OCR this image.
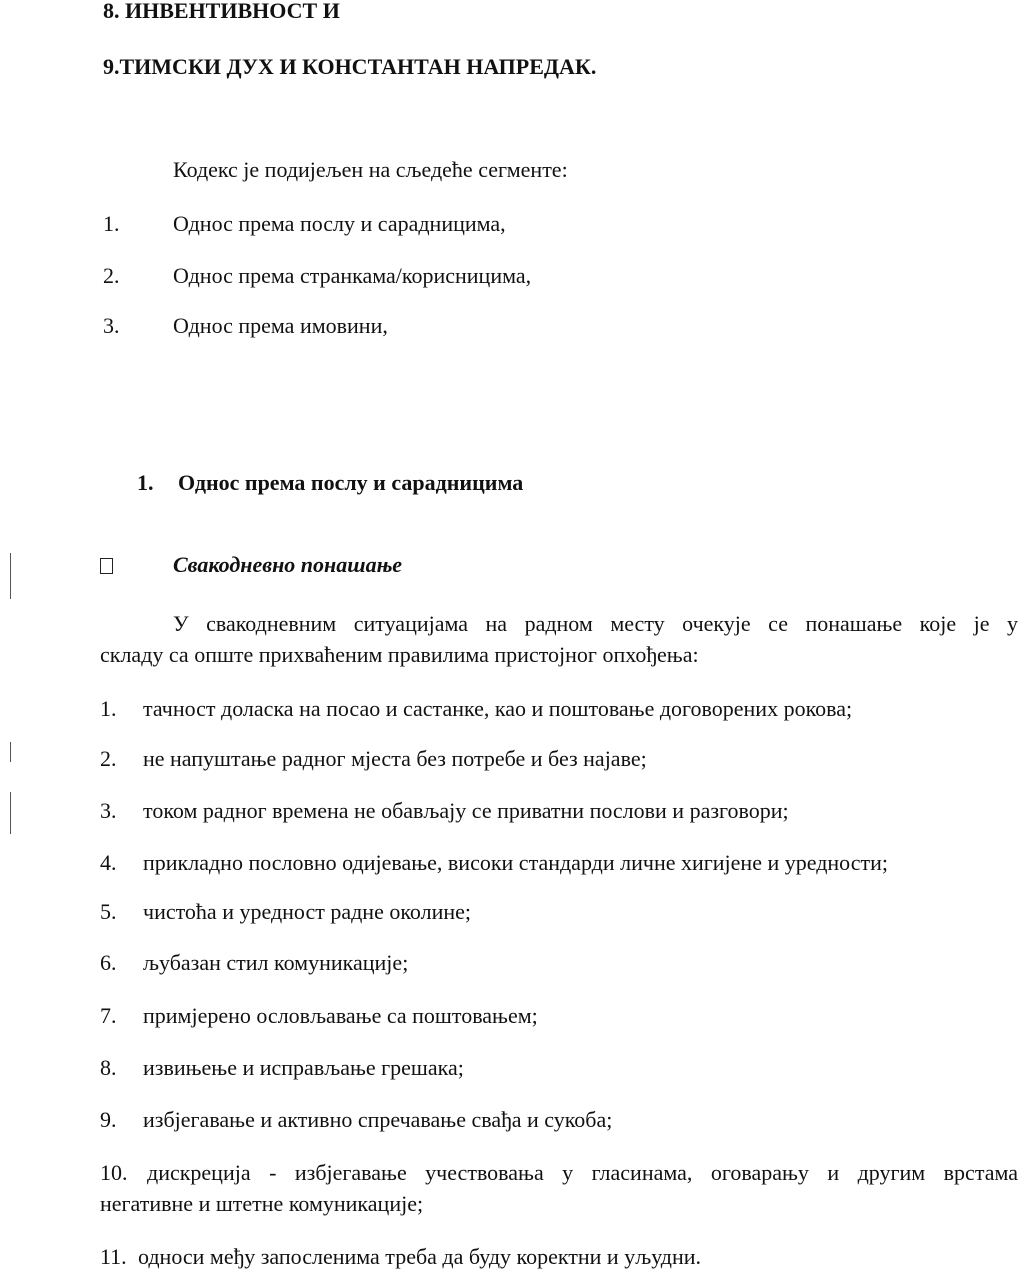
8. ИНВЕНТИВНОСТ И
9.ТИМСКИ ДУХ И КОНСТАНТАН НАПРЕДАК.
Кодекс је подијељен на сљедеће сегменте:
1. Однос према послу и сарадницима,
2. Однос према странкама/корисницима,
3. Однос према имовини,
1. Однос према послу и сарадницима
Свакодневно понашање
У свакодневним ситуацијама на радном месту очекује се понашање које је у
складу са опште прихваћеним правилима пристојног опхођења:
1. тачност доласка на посао и састанке, као и поштовање договорених рокова;
2. не напуштање радног мјеста без потребе и без најаве;
3. током радног времена не обављају се приватни послови и разговори;
4. прикладно пословно одијевање, високи стандарди личне хигијене и уредности;
5. чистоћа и уредност радне околине;
6. љубазан стил комуникације;
7. примјерено ословљавање са поштовањем;
8. извињење и исправљање грешака;
9. избјегавање и активно спречавање свађа и сукоба;
10. дискреција - избјегавање учествовања у гласинама, оговарању и другим врстама
негативне и штетне комуникације;
11. односи међу запосленима треба да буду коректни и уљудни.
